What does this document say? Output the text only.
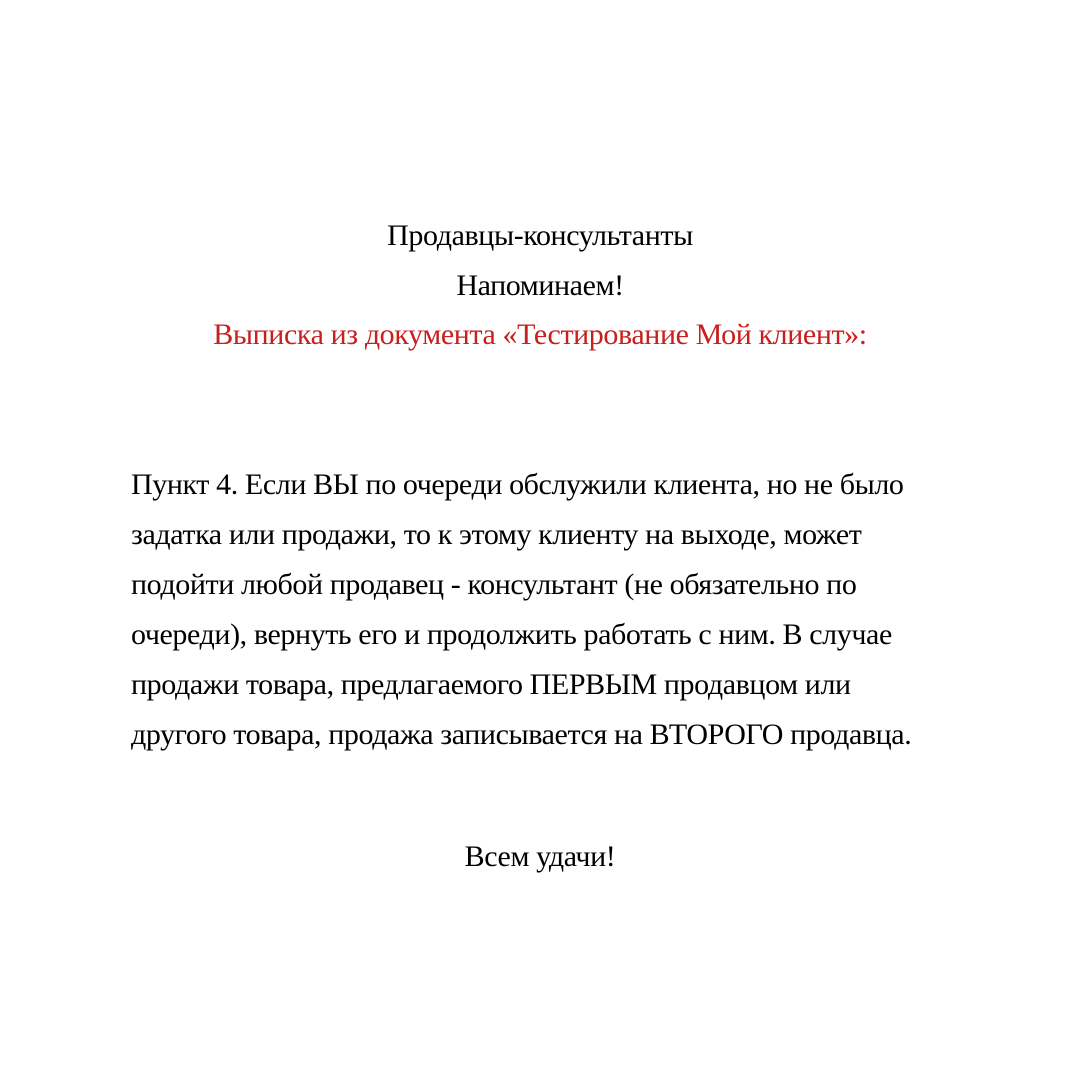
Продавцы-консультанты
Напоминаем!
Выписка из документа «Тестирование Мой клиент»:
Пункт 4. Если ВЫ по очереди обслужили клиента, но не было
задатка или продажи, то к этому клиенту на выходе, может
подойти любой продавец - консультант (не обязательно по
очереди), вернуть его и продолжить работать с ним. В случае
продажи товара, предлагаемого ПЕРВЫМ продавцом или
другого товара, продажа записывается на ВТОРОГО продавца.
Всем удачи!
